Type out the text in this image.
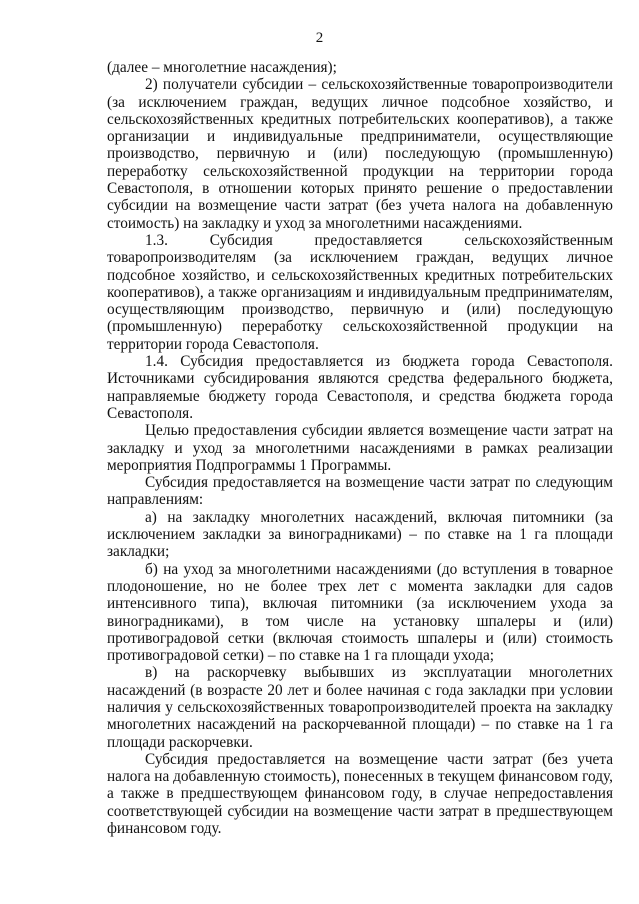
2

(далее – многолетние насаждения);

2) получатели субсидии – сельскохозяйственные товаропроизводители (за исключением граждан, ведущих личное подсобное хозяйство, и сельскохозяйственных кредитных потребительских кооперативов), а также организации и индивидуальные предприниматели, осуществляющие производство, первичную и (или) последующую (промышленную) переработку сельскохозяйственной продукции на территории города Севастополя, в отношении которых принято решение о предоставлении субсидии на возмещение части затрат (без учета налога на добавленную стоимость) на закладку и уход за многолетними насаждениями.

1.3. Субсидия предоставляется сельскохозяйственным товаропроизводителям (за исключением граждан, ведущих личное подсобное хозяйство, и сельскохозяйственных кредитных потребительских кооперативов), а также организациям и индивидуальным предпринимателям, осуществляющим производство, первичную и (или) последующую (промышленную) переработку сельскохозяйственной продукции на территории города Севастополя.

1.4. Субсидия предоставляется из бюджета города Севастополя. Источниками субсидирования являются средства федерального бюджета, направляемые бюджету города Севастополя, и средства бюджета города Севастополя.

Целью предоставления субсидии является возмещение части затрат на закладку и уход за многолетними насаждениями в рамках реализации мероприятия Подпрограммы 1 Программы.

Субсидия предоставляется на возмещение части затрат по следующим направлениям:

а) на закладку многолетних насаждений, включая питомники (за исключением закладки за виноградниками) – по ставке на 1 га площади закладки;

б) на уход за многолетними насаждениями (до вступления в товарное плодоношение, но не более трех лет с момента закладки для садов интенсивного типа), включая питомники (за исключением ухода за виноградниками), в том числе на установку шпалеры и (или) противоградовой сетки (включая стоимость шпалеры и (или) стоимость противоградовой сетки) – по ставке на 1 га площади ухода;

в) на раскорчевку выбывших из эксплуатации многолетних насаждений (в возрасте 20 лет и более начиная с года закладки при условии наличия у сельскохозяйственных товаропроизводителей проекта на закладку многолетних насаждений на раскорчеванной площади) – по ставке на 1 га площади раскорчевки.

Субсидия предоставляется на возмещение части затрат (без учета налога на добавленную стоимость), понесенных в текущем финансовом году, а также в предшествующем финансовом году, в случае непредоставления соответствующей субсидии на возмещение части затрат в предшествующем финансовом году.
